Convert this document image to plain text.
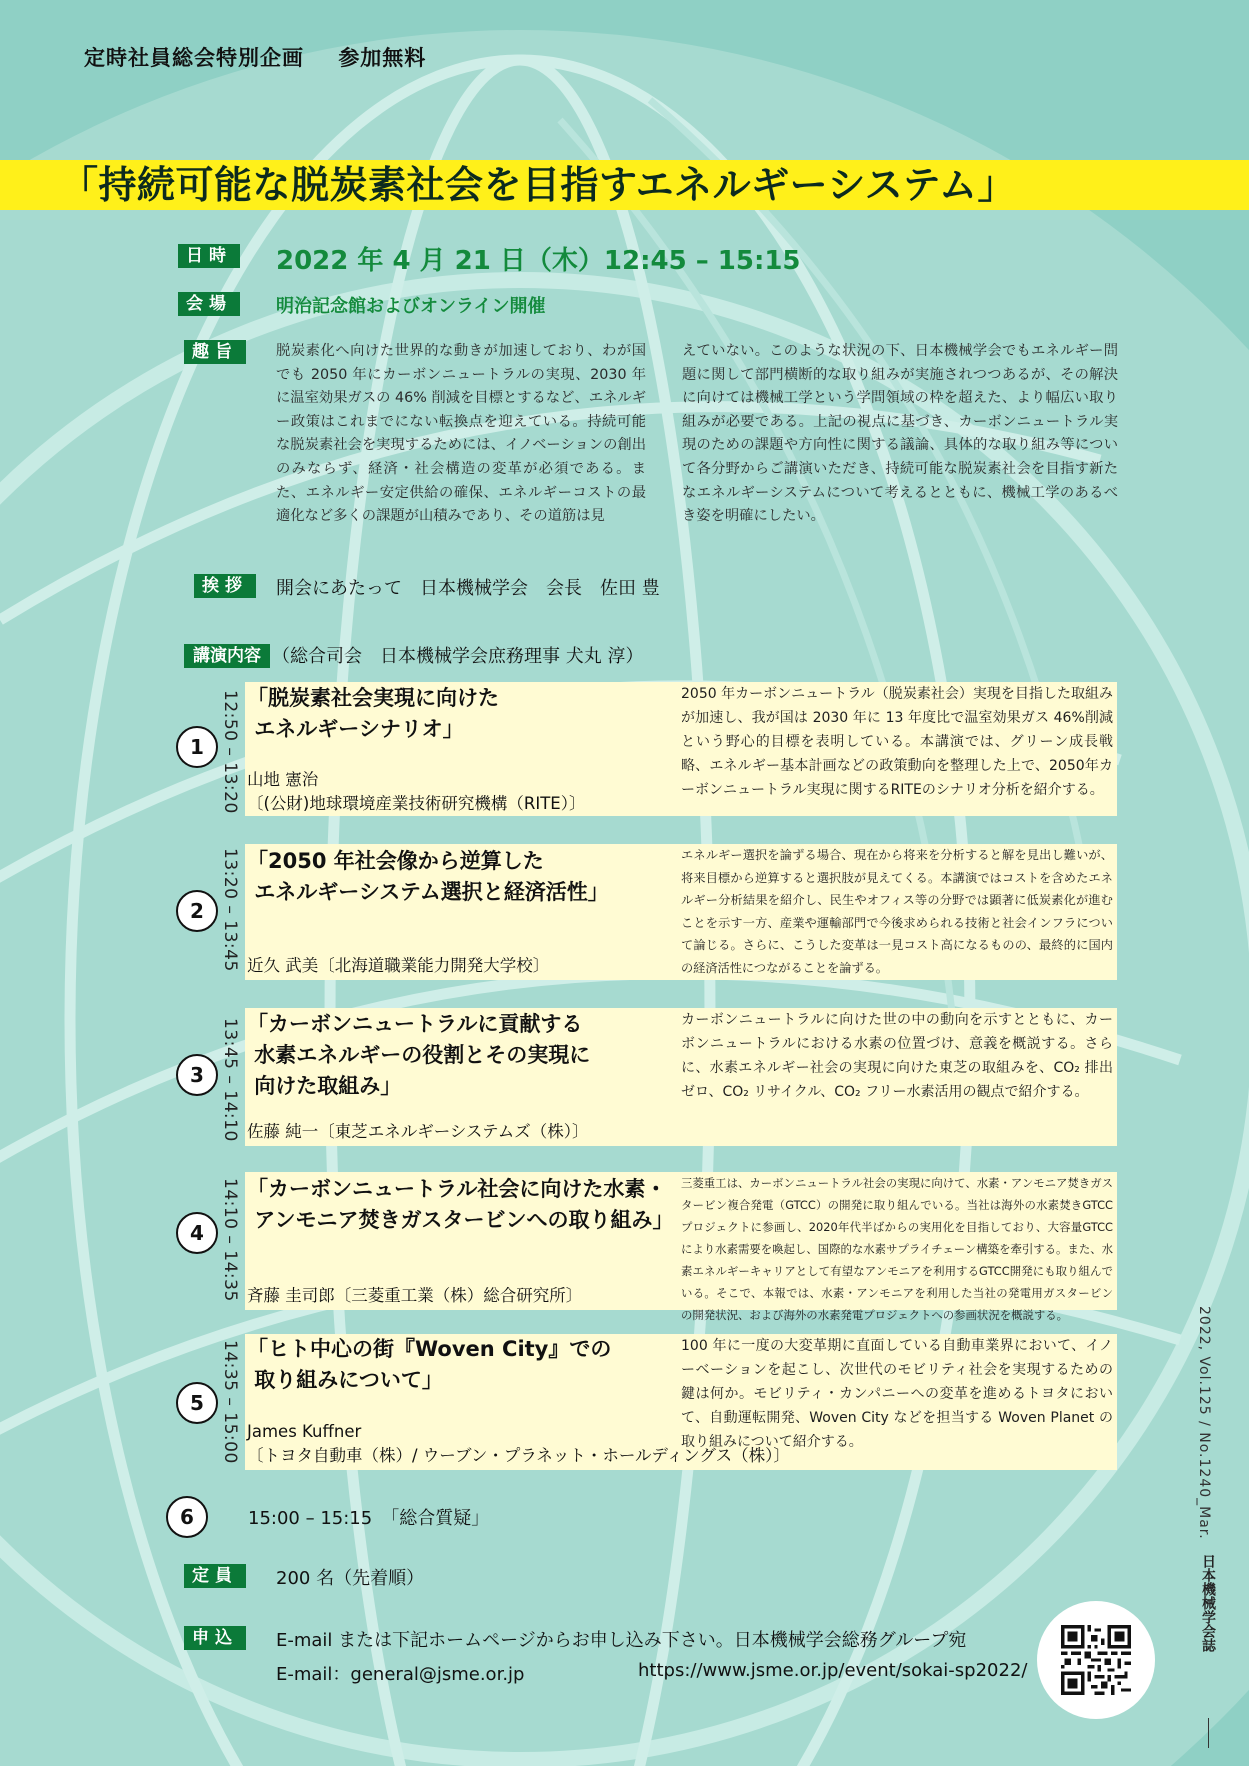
定時社員総会特別企画 参加無料
「持続可能な脱炭素社会を目指すエネルギーシステム」
日時	2022 年 4 月 21 日（木）12:45 – 15:15
会場	明治記念館およびオンライン開催
趣旨	脱炭素化へ向けた世界的な動きが加速しており、わが国でも 2050 年にカーボンニュートラルの実現、2030 年に温室効果ガスの 46% 削減を目標とするなど、エネルギー政策はこれまでにない転換点を迎えている。持続可能な脱炭素社会を実現するためには、イノベーションの創出のみならず、経済・社会構造の変革が必須である。また、エネルギー安定供給の確保、エネルギーコストの最適化など多くの課題が山積みであり、その道筋は見
えていない。このような状況の下、日本機械学会でもエネルギー問題に関して部門横断的な取り組みが実施されつつあるが、その解決に向けては機械工学という学問領域の枠を超えた、より幅広い取り組みが必要である。上記の視点に基づき、カーボンニュートラル実現のための課題や方向性に関する議論、具体的な取り組み等について各分野からご講演いただき、持続可能な脱炭素社会を目指す新たなエネルギーシステムについて考えるとともに、機械工学のあるべき姿を明確にしたい。
挨拶	開会にあたって　日本機械学会　会長　佐田 豊
講演内容 （総合司会　日本機械学会庶務理事 犬丸 淳）
1 12:50 – 13:20 「脱炭素社会実現に向けた
エネルギーシナリオ」
山地 憲治
〔(公財)地球環境産業技術研究機構（RITE）〕
2050 年カーボンニュートラル（脱炭素社会）実現を目指した取組みが加速し、我が国は 2030 年に 13 年度比で温室効果ガス 46%削減という野心的目標を表明している。本講演では、グリーン成長戦略、エネルギー基本計画などの政策動向を整理した上で、2050年カーボンニュートラル実現に関するRITEのシナリオ分析を紹介する。
2 13:20 – 13:45 「2050 年社会像から逆算した
エネルギーシステム選択と経済活性」
近久 武美〔北海道職業能力開発大学校〕
エネルギー選択を論ずる場合、現在から将来を分析すると解を見出し難いが、将来目標から逆算すると選択肢が見えてくる。本講演ではコストを含めたエネルギー分析結果を紹介し、民生やオフィス等の分野では顕著に低炭素化が進むことを示す一方、産業や運輸部門で今後求められる技術と社会インフラについて論じる。さらに、こうした変革は一見コスト高になるものの、最終的に国内の経済活性につながることを論ずる。
3 13:45 – 14:10 「カーボンニュートラルに貢献する
水素エネルギーの役割とその実現に
向けた取組み」
佐藤 純一〔東芝エネルギーシステムズ（株）〕
カーボンニュートラルに向けた世の中の動向を示すとともに、カーボンニュートラルにおける水素の位置づけ、意義を概説する。さらに、水素エネルギー社会の実現に向けた東芝の取組みを、CO₂ 排出ゼロ、CO₂ リサイクル、CO₂ フリー水素活用の観点で紹介する。
4 14:10 – 14:35 「カーボンニュートラル社会に向けた水素・
アンモニア焚きガスタービンへの取り組み」
斉藤 圭司郎〔三菱重工業（株）総合研究所〕
三菱重工は、カーボンニュートラル社会の実現に向けて、水素・アンモニア焚きガスタービン複合発電（GTCC）の開発に取り組んでいる。当社は海外の水素焚きGTCCプロジェクトに参画し、2020年代半ばからの実用化を目指しており、大容量GTCCにより水素需要を喚起し、国際的な水素サプライチェーン構築を牽引する。また、水素エネルギーキャリアとして有望なアンモニアを利用するGTCC開発にも取り組んでいる。そこで、本報では、水素・アンモニアを利用した当社の発電用ガスタービンの開発状況、および海外の水素発電プロジェクトへの参画状況を概説する。
5 14:35 – 15:00 「ヒト中心の街『Woven City』での
取り組みについて」
James Kuffner
〔トヨタ自動車（株）/ ウーブン・プラネット・ホールディングス（株）〕
100 年に一度の大変革期に直面している自動車業界において、イノーベーションを起こし、次世代のモビリティ社会を実現するための鍵は何か。モビリティ・カンパニーへの変革を進めるトヨタにおいて、自動運転開発、Woven City などを担当する Woven Planet の取り組みについて紹介する。
6	15:00 – 15:15　「総合質疑」
定員	200 名（先着順）
申込	E-mail または下記ホームページからお申し込み下さい。日本機械学会総務グループ宛
E-mail：general@jsme.or.jp	https://www.jsme.or.jp/event/sokai-sp2022/
2022, Vol.125 / No.1240_Mar.
日本機械学会誌
